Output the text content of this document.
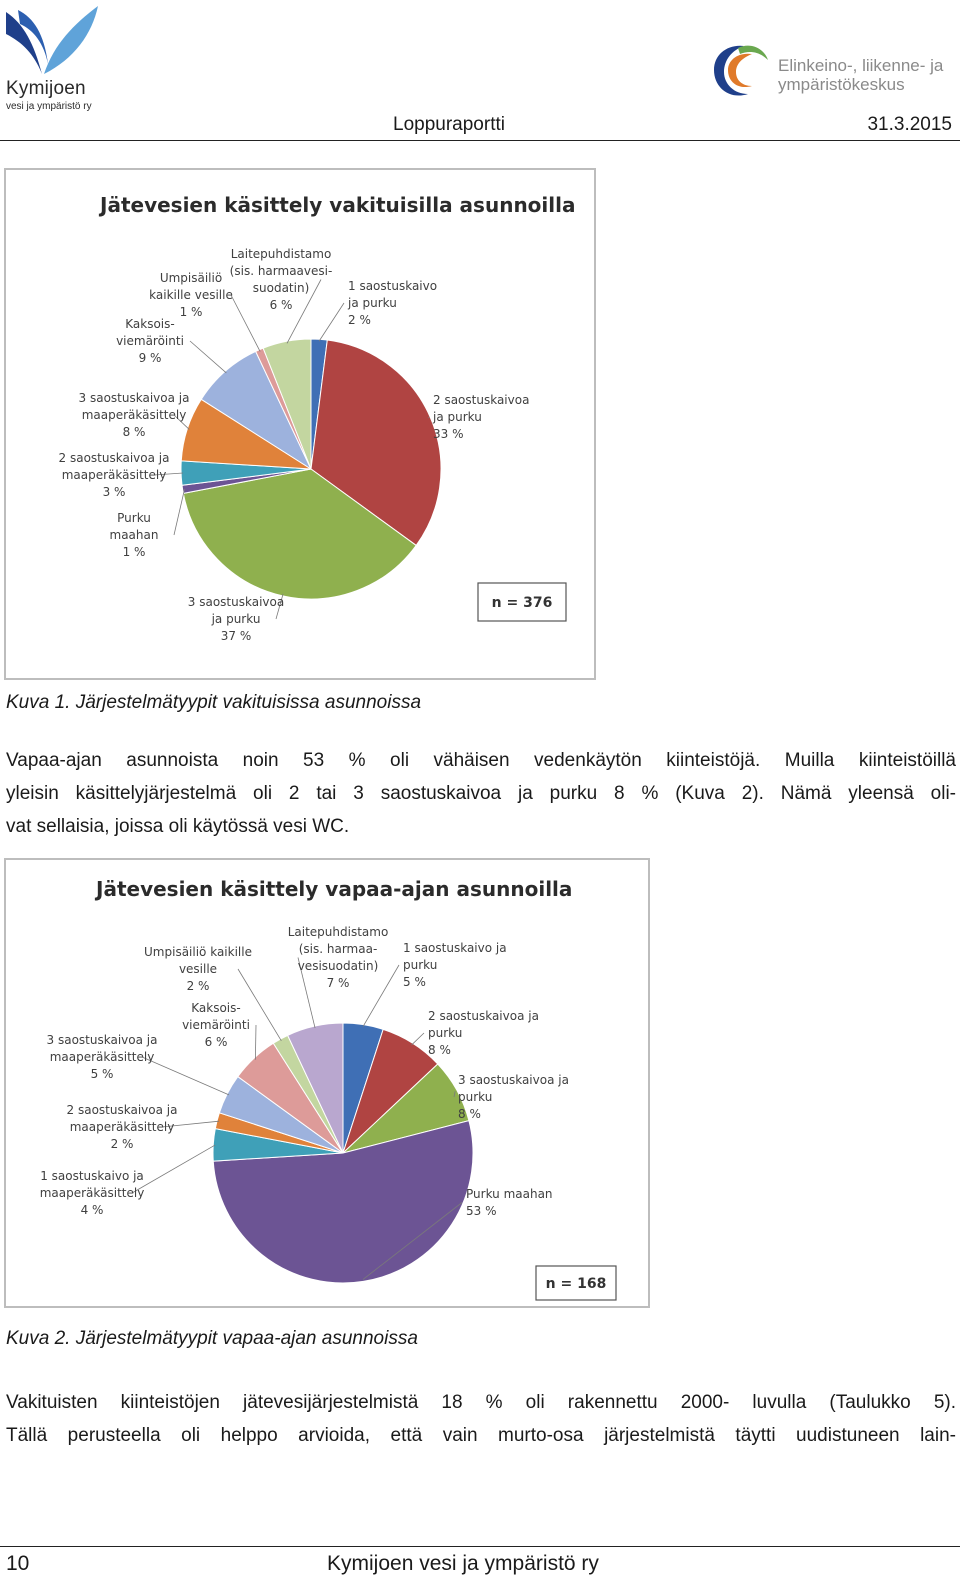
Kymijoen
vesi ja ympäristö ry
Elinkeino-, liikenne- ja
ympäristökeskus
Loppuraportti	31.3.2015
Jätevesien käsittely vakituisilla asunnoilla
1 saostuskaivo ja purku 2 %
2 saostuskaivoa ja purku 33 %
3 saostuskaivoa ja purku 37 %
Purku maahan 1 %
2 saostuskaivoa ja maaperäkäsittely 3 %
3 saostuskaivoa ja maaperäkäsittely 8 %
Kaksois-viemäröinti 9 %
Umpisäiliö kaikille vesille 1 %
Laitepuhdistamo (sis. harmaavesi-suodatin) 6 %
n = 376
Kuva 1. Järjestelmätyypit vakituisissa asunnoissa
Vapaa-ajan asunnoista noin 53 % oli vähäisen vedenkäytön kiinteistöjä. Muilla kiinteistöillä
yleisin käsittelyjärjestelmä oli 2 tai 3 saostuskaivoa ja purku 8 % (Kuva 2). Nämä yleensä oli-
vat sellaisia, joissa oli käytössä vesi WC.
Jätevesien käsittely vapaa-ajan asunnoilla
1 saostuskaivo ja purku 5 %
2 saostuskaivoa ja purku 8 %
3 saostuskaivoa ja purku 8 %
Purku maahan 53 %
1 saostuskaivo ja maaperäkäsittely 4 %
2 saostuskaivoa ja maaperäkäsittely 2 %
3 saostuskaivoa ja maaperäkäsittely 5 %
Kaksois-viemäröinti 6 %
Umpisäiliö kaikille vesille 2 %
Laitepuhdistamo (sis. harmaa-vesisuodatin) 7 %
n = 168
Kuva 2. Järjestelmätyypit vapaa-ajan asunnoissa
Vakituisten kiinteistöjen jätevesijärjestelmistä 18 % oli rakennettu 2000- luvulla (Taulukko 5).
Tällä perusteella oli helppo arvioida, että vain murto-osa järjestelmistä täytti uudistuneen lain-
10	Kymijoen vesi ja ympäristö ry
